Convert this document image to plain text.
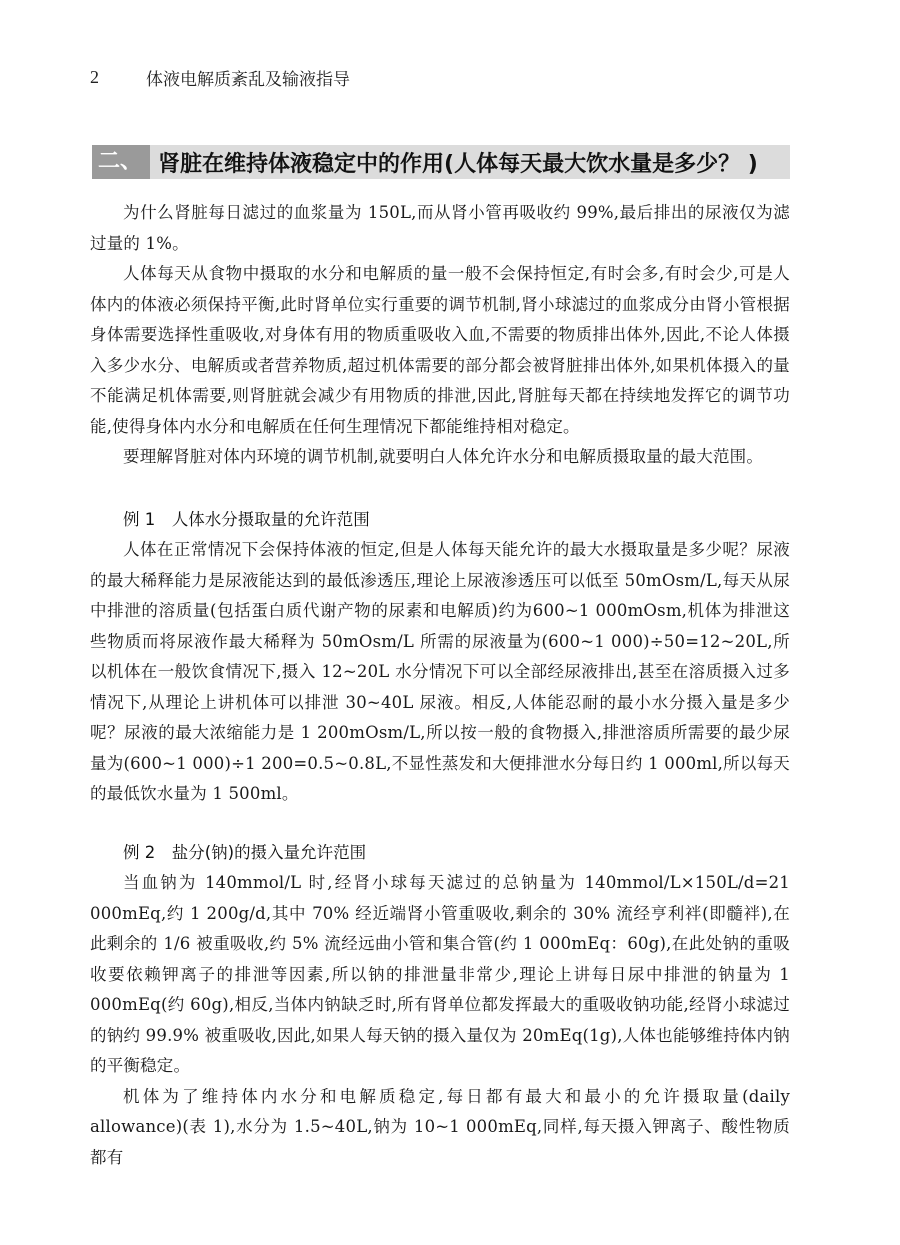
2	体液电解质紊乱及输液指导
二、 肾脏在维持体液稳定中的作用(人体每天最大饮水量是多少？ )

为什么肾脏每日滤过的血浆量为 150L,而从肾小管再吸收约 99%,最后排出的尿液仅为滤过量的 1%。

人体每天从食物中摄取的水分和电解质的量一般不会保持恒定,有时会多,有时会少,可是人体内的体液必须保持平衡,此时肾单位实行重要的调节机制,肾小球滤过的血浆成分由肾小管根据身体需要选择性重吸收,对身体有用的物质重吸收入血,不需要的物质排出体外,因此,不论人体摄入多少水分、电解质或者营养物质,超过机体需要的部分都会被肾脏排出体外,如果机体摄入的量不能满足机体需要,则肾脏就会减少有用物质的排泄,因此,肾脏每天都在持续地发挥它的调节功能,使得身体内水分和电解质在任何生理情况下都能维持相对稳定。

要理解肾脏对体内环境的调节机制,就要明白人体允许水分和电解质摄取量的最大范围。

例 1　人体水分摄取量的允许范围

人体在正常情况下会保持体液的恒定,但是人体每天能允许的最大水摄取量是多少呢？尿液的最大稀释能力是尿液能达到的最低渗透压,理论上尿液渗透压可以低至 50mOsm/L,每天从尿中排泄的溶质量(包括蛋白质代谢产物的尿素和电解质)约为600~1 000mOsm,机体为排泄这些物质而将尿液作最大稀释为 50mOsm/L 所需的尿液量为(600~1 000)÷50=12~20L,所以机体在一般饮食情况下,摄入 12~20L 水分情况下可以全部经尿液排出,甚至在溶质摄入过多情况下,从理论上讲机体可以排泄 30~40L 尿液。相反,人体能忍耐的最小水分摄入量是多少呢？尿液的最大浓缩能力是 1 200mOsm/L,所以按一般的食物摄入,排泄溶质所需要的最少尿量为(600~1 000)÷1 200=0.5~0.8L,不显性蒸发和大便排泄水分每日约 1 000ml,所以每天的最低饮水量为 1 500ml。

例 2　盐分(钠)的摄入量允许范围

当血钠为 140mmol/L 时,经肾小球每天滤过的总钠量为 140mmol/L×150L/d=21 000mEq,约 1 200g/d,其中 70% 经近端肾小管重吸收,剩余的 30% 流经亨利袢(即髓袢),在此剩余的 1/6 被重吸收,约 5% 流经远曲小管和集合管(约 1 000mEq：60g),在此处钠的重吸收要依赖钾离子的排泄等因素,所以钠的排泄量非常少,理论上讲每日尿中排泄的钠量为 1 000mEq(约 60g),相反,当体内钠缺乏时,所有肾单位都发挥最大的重吸收钠功能,经肾小球滤过的钠约 99.9% 被重吸收,因此,如果人每天钠的摄入量仅为 20mEq(1g),人体也能够维持体内钠的平衡稳定。

机体为了维持体内水分和电解质稳定,每日都有最大和最小的允许摄取量(daily allowance)(表 1),水分为 1.5~40L,钠为 10~1 000mEq,同样,每天摄入钾离子、酸性物质都有
